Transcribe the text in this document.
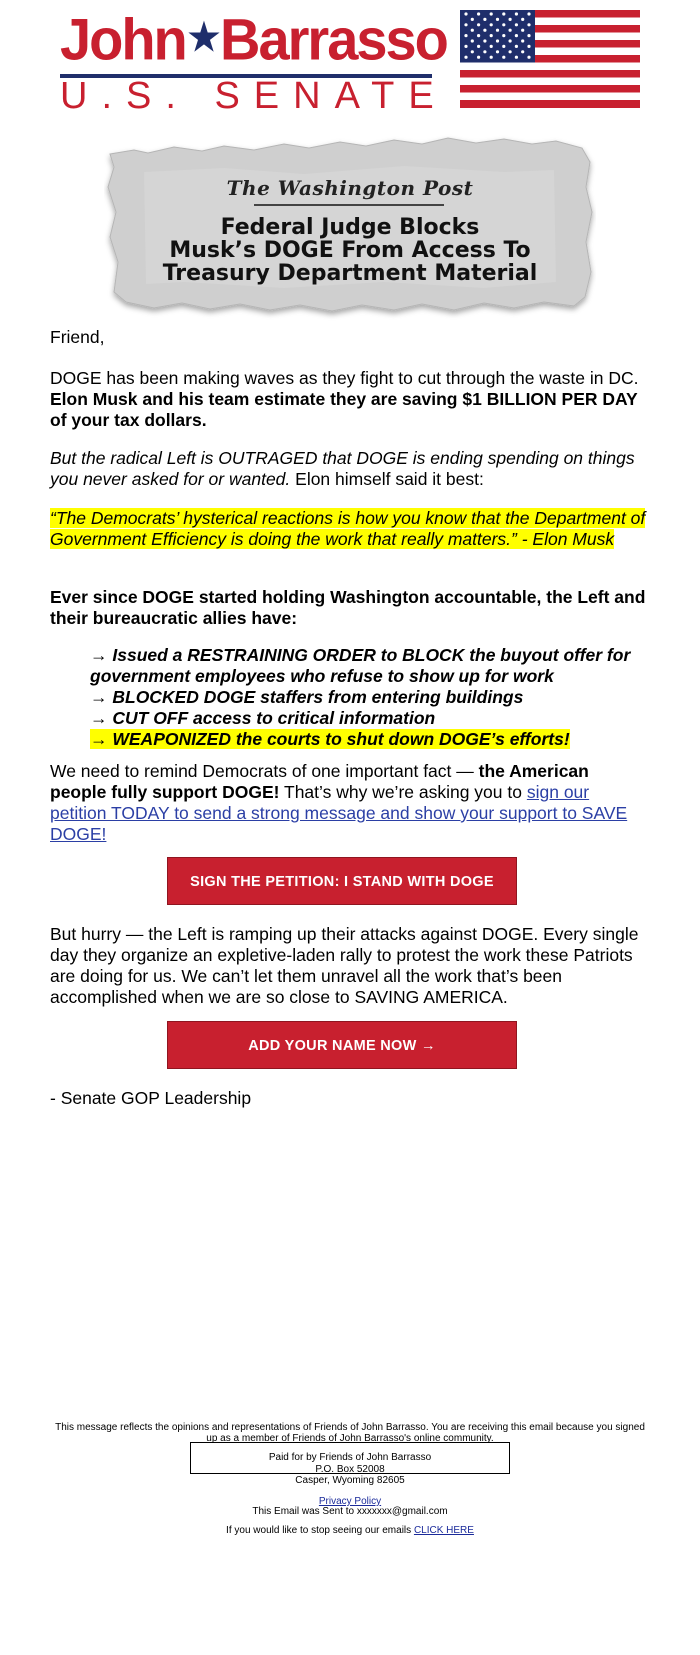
John★Barrasso
U.S. SENATE
The Washington Post
Federal Judge Blocks
Musk’s DOGE From Access To
Treasury Department Material

Friend,

DOGE has been making waves as they fight to cut through the waste in DC. Elon Musk and his team estimate they are saving $1 BILLION PER DAY of your tax dollars.

But the radical Left is OUTRAGED that DOGE is ending spending on things you never asked for or wanted. Elon himself said it best:

“The Democrats’ hysterical reactions is how you know that the Department of Government Efficiency is doing the work that really matters.” - Elon Musk

Ever since DOGE started holding Washington accountable, the Left and their bureaucratic allies have:

→ Issued a RESTRAINING ORDER to BLOCK the buyout offer for government employees who refuse to show up for work
→ BLOCKED DOGE staffers from entering buildings
→ CUT OFF access to critical information
→ WEAPONIZED the courts to shut down DOGE’s efforts!

We need to remind Democrats of one important fact — the American people fully support DOGE! That’s why we’re asking you to sign our petition TODAY to send a strong message and show your support to SAVE DOGE!

SIGN THE PETITION: I STAND WITH DOGE

But hurry — the Left is ramping up their attacks against DOGE. Every single day they organize an expletive-laden rally to protest the work these Patriots are doing for us. We can’t let them unravel all the work that’s been accomplished when we are so close to SAVING AMERICA.

ADD YOUR NAME NOW →

- Senate GOP Leadership

Paid for by Friends of John Barrasso
This message reflects the opinions and representations of Friends of John Barrasso. You are receiving this email because you signed up as a member of Friends of John Barrasso's online community.
P.O. Box 52008
Casper, Wyoming 82605
Privacy Policy
This Email was Sent to xxxxxxx@gmail.com
If you would like to stop seeing our emails CLICK HERE
